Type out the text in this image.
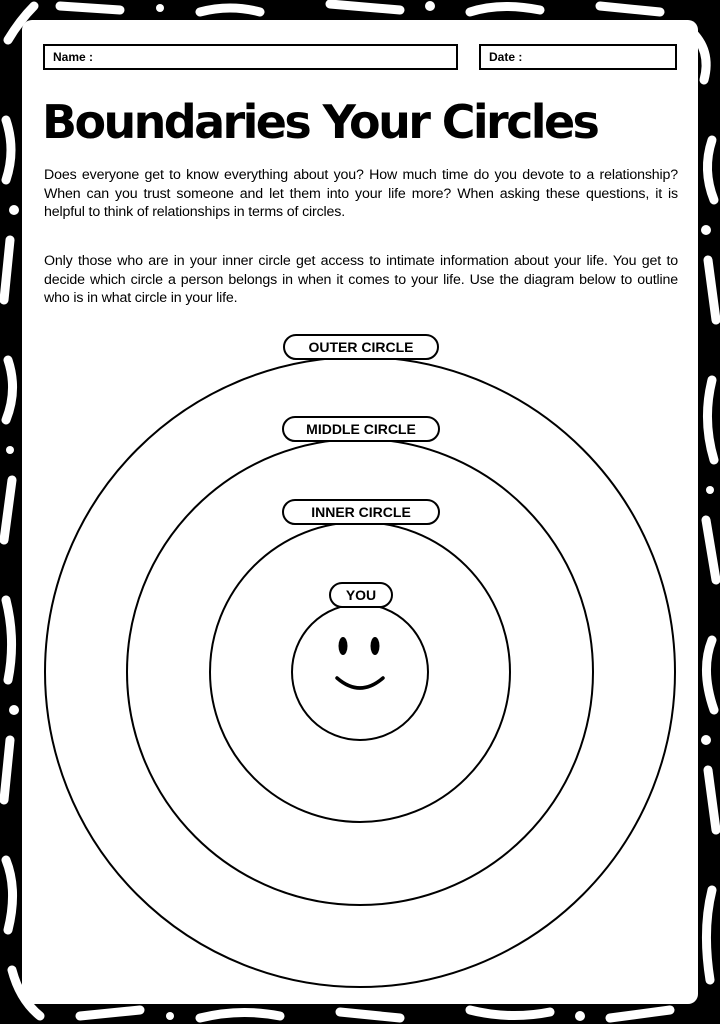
Name :	Date :
Boundaries Your Circles

Does everyone get to know everything about you? How much time do you devote to a relationship? When can you trust someone and let them into your life more? When asking these questions, it is helpful to think of relationships in terms of circles.

Only those who are in your inner circle get access to intimate information about your life. You get to decide which circle a person belongs in when it comes to your life. Use the diagram below to outline who is in what circle in your life.

OUTER CIRCLE
MIDDLE CIRCLE
INNER CIRCLE
YOU
